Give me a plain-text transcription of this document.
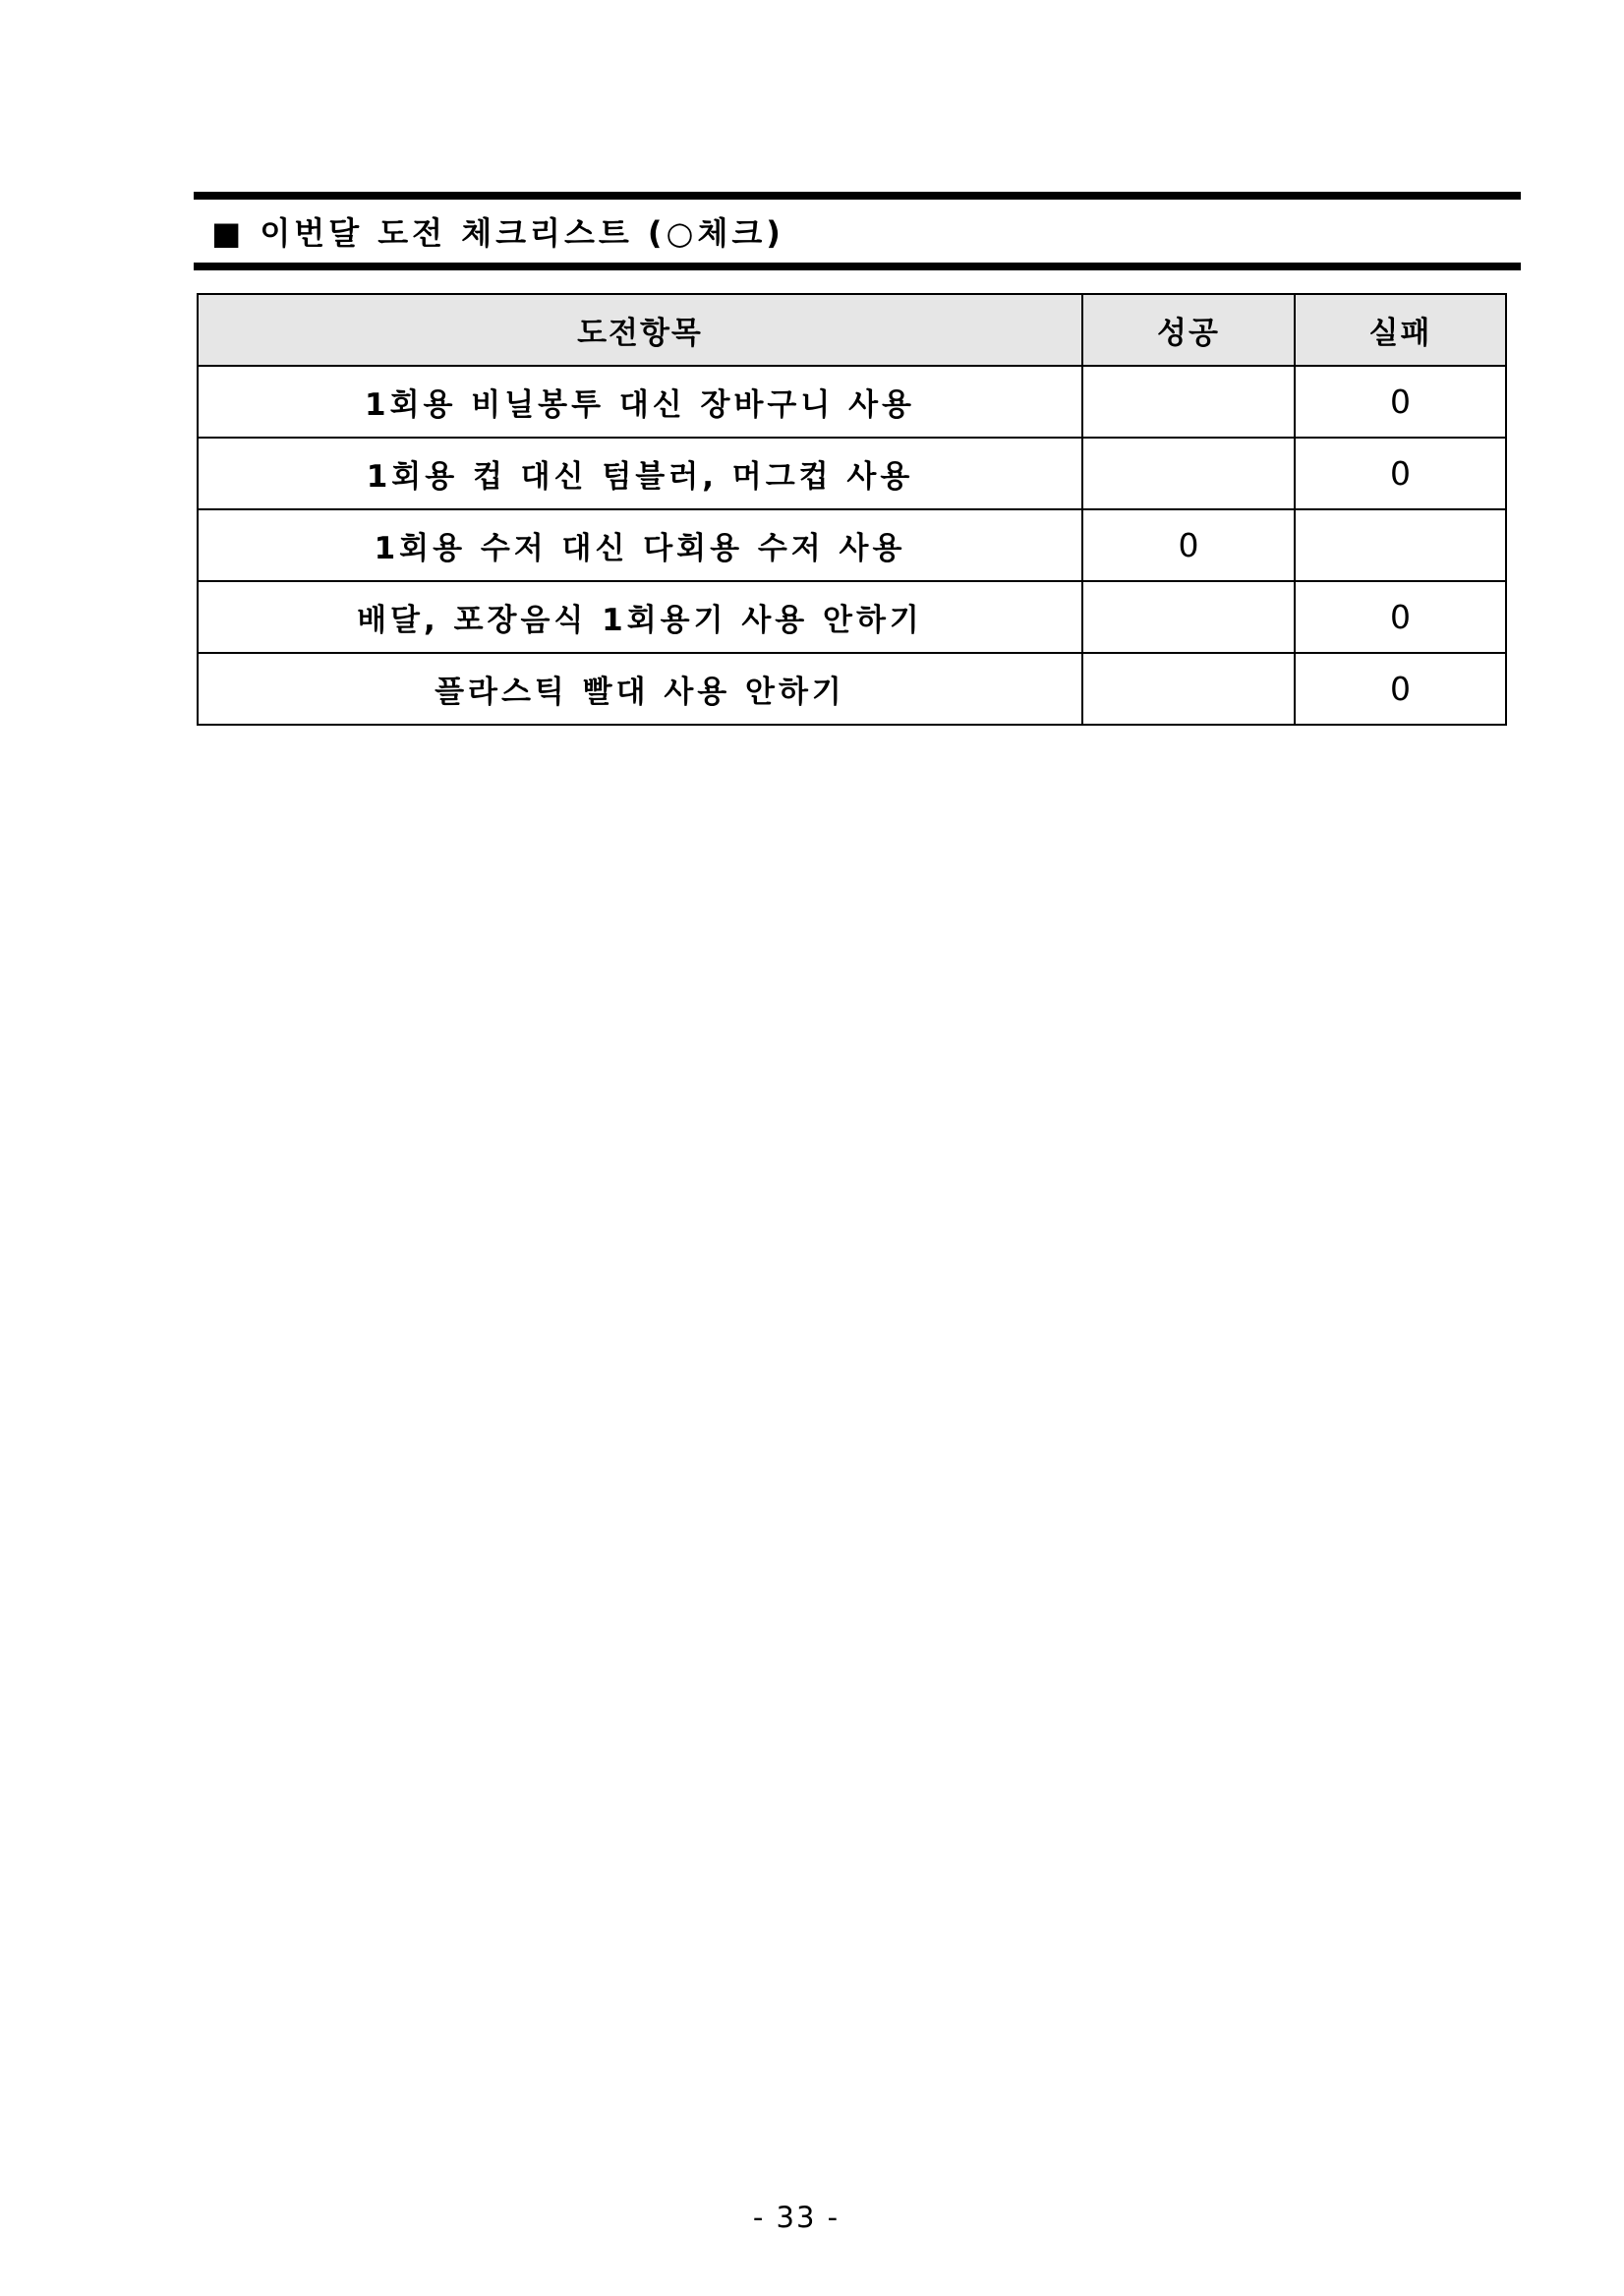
■ 이번달 도전 체크리스트 (○체크)
도전항목	성공	실패
1회용 비닐봉투 대신 장바구니 사용		0
1회용 컵 대신 텀블러, 머그컵 사용		0
1회용 수저 대신 다회용 수저 사용	0	
배달, 포장음식 1회용기 사용 안하기		0
플라스틱 빨대 사용 안하기		0
- 33 -
